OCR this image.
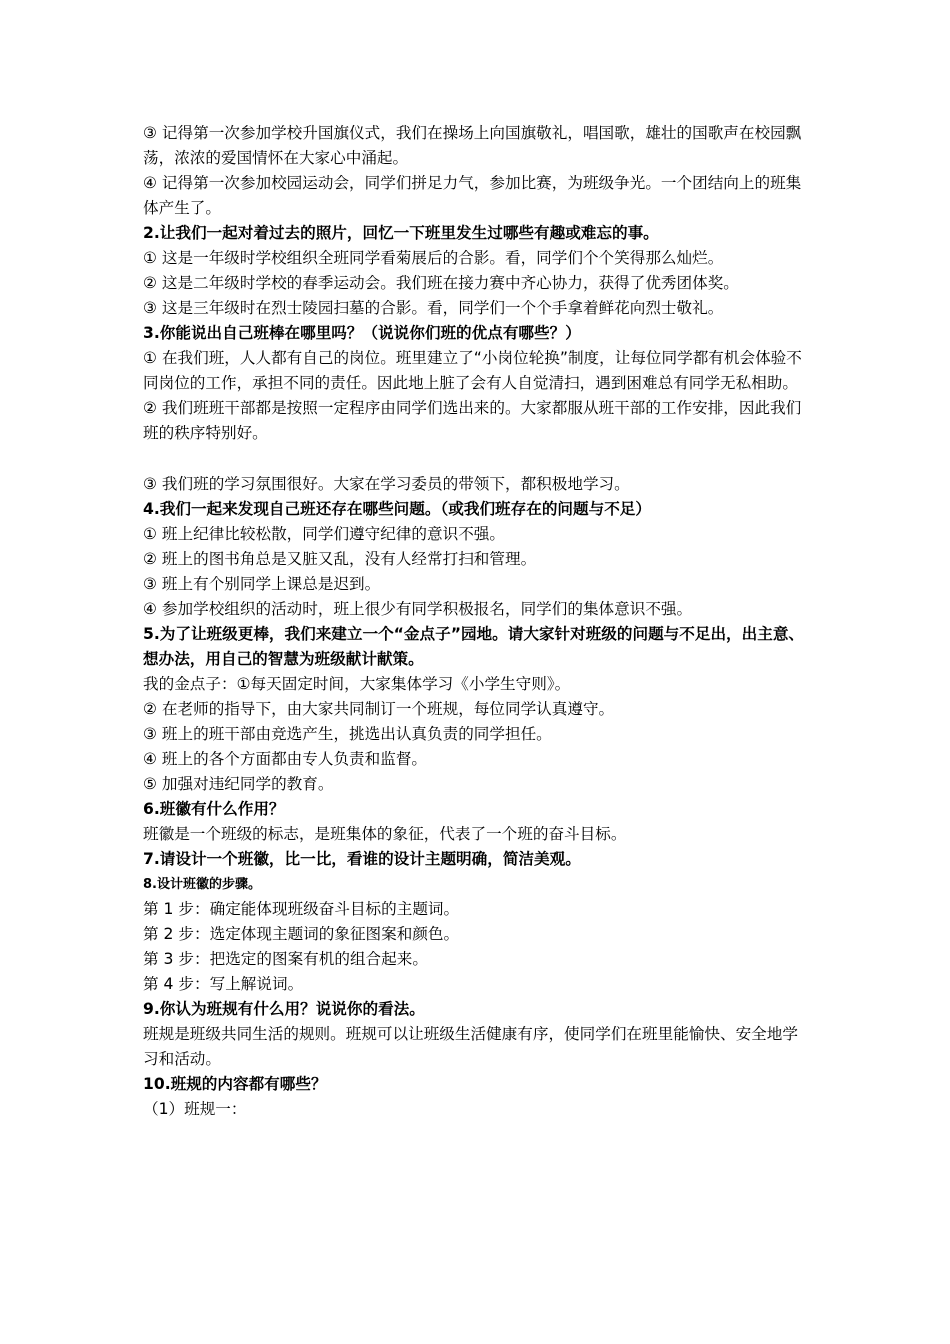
③ 记得第一次参加学校升国旗仪式，我们在操场上向国旗敬礼，唱国歌，雄壮的国歌声在校园飘荡，浓浓的爱国情怀在大家心中涌起。

④ 记得第一次参加校园运动会，同学们拼足力气，参加比赛，为班级争光。一个团结向上的班集体产生了。

2.让我们一起对着过去的照片，回忆一下班里发生过哪些有趣或难忘的事。

① 这是一年级时学校组织全班同学看菊展后的合影。看，同学们个个笑得那么灿烂。

② 这是二年级时学校的春季运动会。我们班在接力赛中齐心协力，获得了优秀团体奖。

③ 这是三年级时在烈士陵园扫墓的合影。看，同学们一个个手拿着鲜花向烈士敬礼。

3.你能说出自己班棒在哪里吗？（说说你们班的优点有哪些？）

① 在我们班，人人都有自己的岗位。班里建立了“小岗位轮换”制度，让每位同学都有机会体验不同岗位的工作，承担不同的责任。因此地上脏了会有人自觉清扫，遇到困难总有同学无私相助。

② 我们班班干部都是按照一定程序由同学们选出来的。大家都服从班干部的工作安排，因此我们班的秩序特别好。

③ 我们班的学习氛围很好。大家在学习委员的带领下，都积极地学习。

4.我们一起来发现自己班还存在哪些问题。（或我们班存在的问题与不足）

① 班上纪律比较松散，同学们遵守纪律的意识不强。

② 班上的图书角总是又脏又乱，没有人经常打扫和管理。

③ 班上有个别同学上课总是迟到。

④ 参加学校组织的活动时，班上很少有同学积极报名，同学们的集体意识不强。

5.为了让班级更棒，我们来建立一个“金点子”园地。请大家针对班级的问题与不足出，出主意、想办法，用自己的智慧为班级献计献策。

我的金点子：①每天固定时间，大家集体学习《小学生守则》。

② 在老师的指导下，由大家共同制订一个班规，每位同学认真遵守。

③ 班上的班干部由竞选产生，挑选出认真负责的同学担任。

④ 班上的各个方面都由专人负责和监督。

⑤ 加强对违纪同学的教育。

6.班徽有什么作用？

班徽是一个班级的标志，是班集体的象征，代表了一个班的奋斗目标。

7.请设计一个班徽，比一比，看谁的设计主题明确，简洁美观。

8.设计班徽的步骤。

第 1 步：确定能体现班级奋斗目标的主题词。

第 2 步：选定体现主题词的象征图案和颜色。

第 3 步：把选定的图案有机的组合起来。

第 4 步：写上解说词。

9.你认为班规有什么用？说说你的看法。

班规是班级共同生活的规则。班规可以让班级生活健康有序，使同学们在班里能愉快、安全地学习和活动。

10.班规的内容都有哪些？

（1）班规一：
